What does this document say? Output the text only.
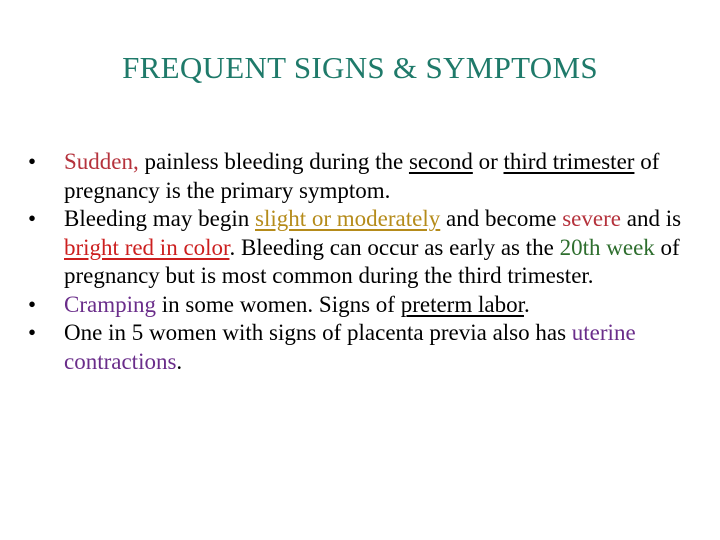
FREQUENT SIGNS & SYMPTOMS
•	Sudden, painless bleeding during the second or third trimester of pregnancy is the primary symptom.
•	Bleeding may begin slight or moderately and become severe and is bright red in color. Bleeding can occur as early as the 20th week of pregnancy but is most common during the third trimester.
•	Cramping in some women. Signs of preterm labor.
•	One in 5 women with signs of placenta previa also has uterine contractions.
